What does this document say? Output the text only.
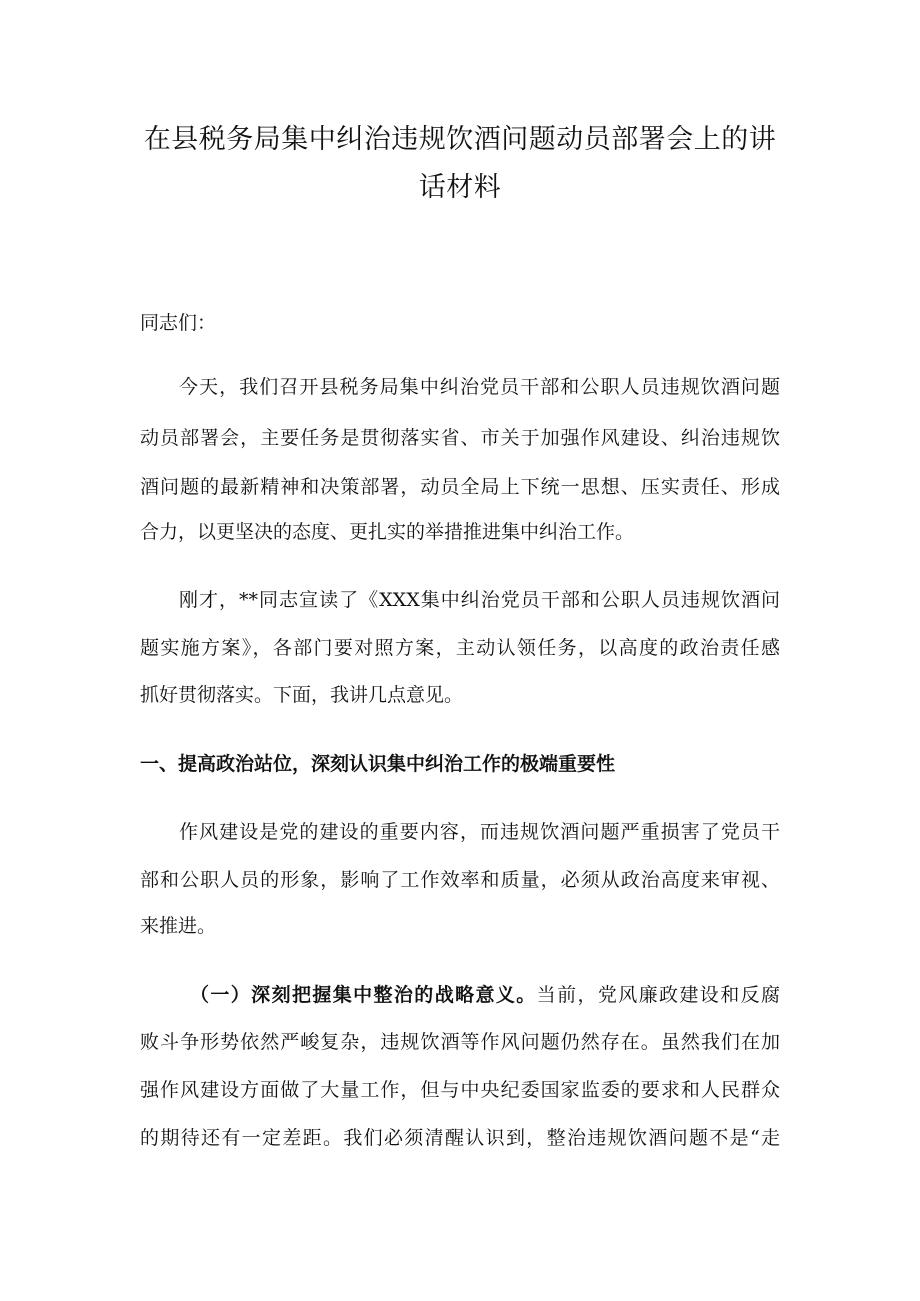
在县税务局集中纠治违规饮酒问题动员部署会上的讲
话材料

同志们：

今天，我们召开县税务局集中纠治党员干部和公职人员违规饮酒问题

动员部署会，主要任务是贯彻落实省、市关于加强作风建设、纠治违规饮

酒问题的最新精神和决策部署，动员全局上下统一思想、压实责任、形成

合力，以更坚决的态度、更扎实的举措推进集中纠治工作。

刚才，**同志宣读了《XXX集中纠治党员干部和公职人员违规饮酒问

题实施方案》，各部门要对照方案，主动认领任务，以高度的政治责任感

抓好贯彻落实。下面，我讲几点意见。

一、提高政治站位，深刻认识集中纠治工作的极端重要性

作风建设是党的建设的重要内容，而违规饮酒问题严重损害了党员干

部和公职人员的形象，影响了工作效率和质量，必须从政治高度来审视、

来推进。

（一）深刻把握集中整治的战略意义。当前，党风廉政建设和反腐

败斗争形势依然严峻复杂，违规饮酒等作风问题仍然存在。虽然我们在加

强作风建设方面做了大量工作，但与中央纪委国家监委的要求和人民群众

的期待还有一定差距。我们必须清醒认识到，整治违规饮酒问题不是“走
